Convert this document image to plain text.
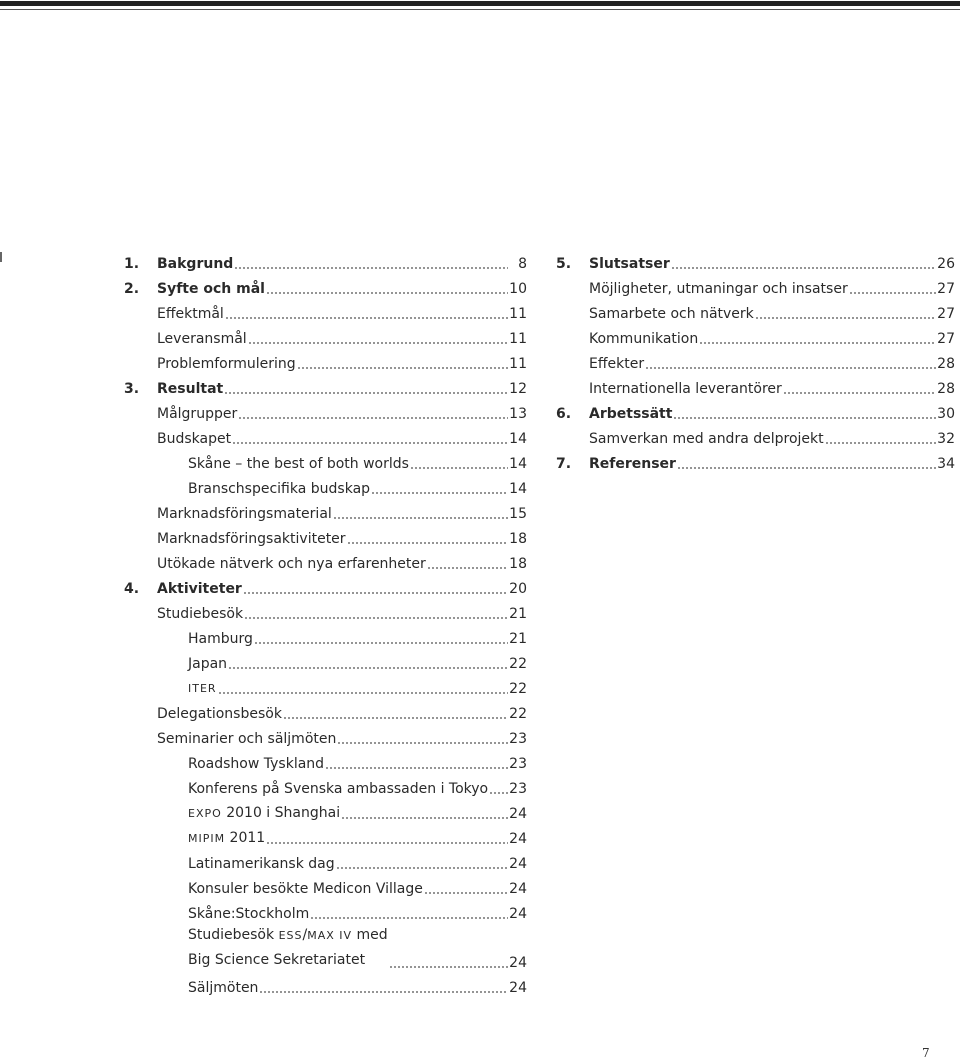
1.	Bakgrund	8
2.	Syfte och mål	10
Effektmål	11
Leveransmål	11
Problemformulering	11
3.	Resultat	12
Målgrupper	13
Budskapet	14
Skåne – the best of both worlds	14
Branschspecifika budskap	14
Marknadsföringsmaterial	15
Marknadsföringsaktiviteter	18
Utökade nätverk och nya erfarenheter	18
4.	Aktiviteter	20
Studiebesök	21
Hamburg	21
Japan	22
ITER	22
Delegationsbesök	22
Seminarier och säljmöten	23
Roadshow Tyskland	23
Konferens på Svenska ambassaden i Tokyo 23
EXPO 2010 i Shanghai	24
MIPIM 2011	24
Latinamerikansk dag	24
Konsuler besökte Medicon Village	24
Skåne:Stockholm	24
Studiebesök ESS/MAX IV med
Big Science Sekretariatet	24
Säljmöten	24
5.	Slutsatser	26
Möjligheter, utmaningar och insatser	27
Samarbete och nätverk	27
Kommunikation	27
Effekter	28
Internationella leverantörer	28
6.	Arbetssätt	30
Samverkan med andra delprojekt	32
7.	Referenser	34
7
